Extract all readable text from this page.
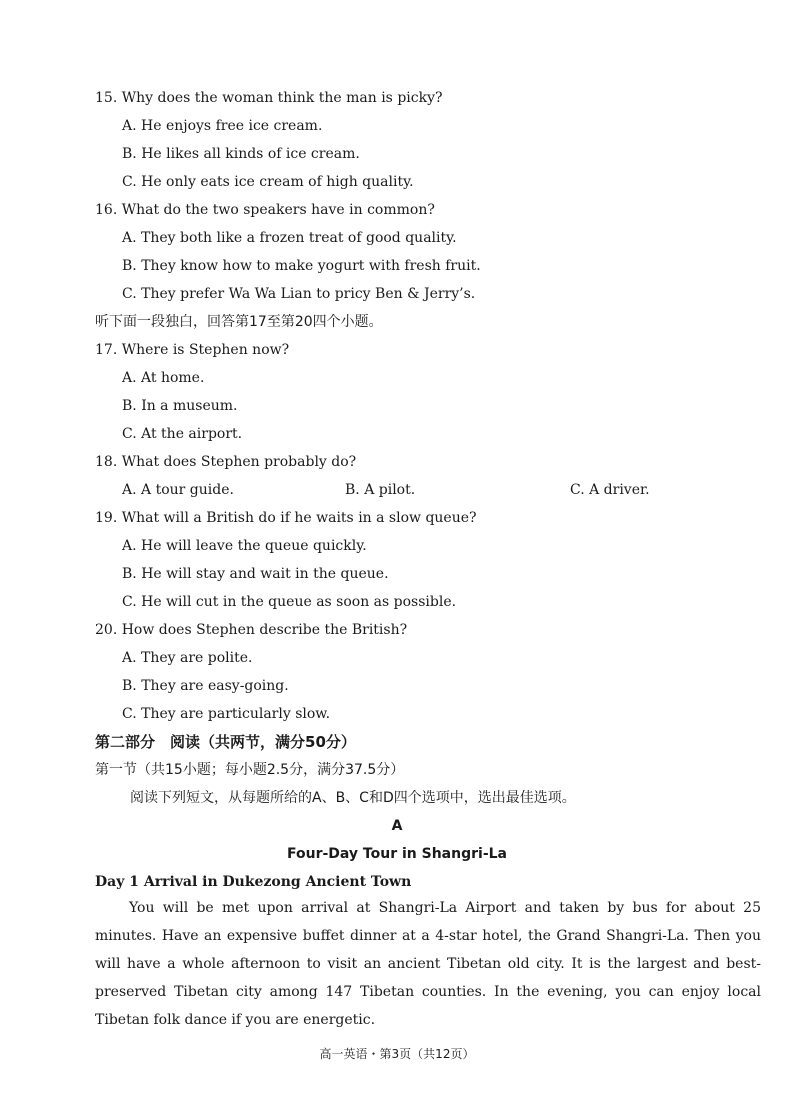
15. Why does the woman think the man is picky?
A. He enjoys free ice cream.
B. He likes all kinds of ice cream.
C. He only eats ice cream of high quality.
16. What do the two speakers have in common?
A. They both like a frozen treat of good quality.
B. They know how to make yogurt with fresh fruit.
C. They prefer Wa Wa Lian to pricy Ben & Jerry’s.
听下面一段独白，回答第17至第20四个小题。
17. Where is Stephen now?
A. At home.
B. In a museum.
C. At the airport.
18. What does Stephen probably do?
A. A tour guide.	B. A pilot.	C. A driver.
19. What will a British do if he waits in a slow queue?
A. He will leave the queue quickly.
B. He will stay and wait in the queue.
C. He will cut in the queue as soon as possible.
20. How does Stephen describe the British?
A. They are polite.
B. They are easy-going.
C. They are particularly slow.
第二部分　阅读（共两节，满分50分）
第一节（共15小题；每小题2.5分，满分37.5分）
阅读下列短文，从每题所给的A、B、C和D四个选项中，选出最佳选项。
A
Four-Day Tour in Shangri-La
Day 1 Arrival in Dukezong Ancient Town
You will be met upon arrival at Shangri-La Airport and taken by bus for about 25 minutes. Have an expensive buffet dinner at a 4-star hotel, the Grand Shangri-La. Then you will have a whole afternoon to visit an ancient Tibetan old city. It is the largest and best-preserved Tibetan city among 147 Tibetan counties. In the evening, you can enjoy local Tibetan folk dance if you are energetic.
高一英语・第3页（共12页）
